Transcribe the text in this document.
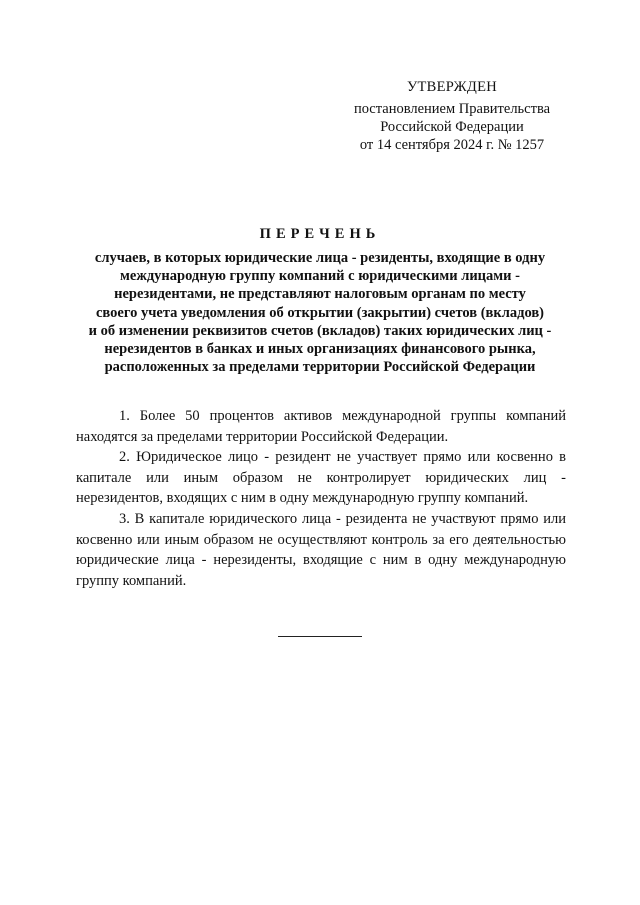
УТВЕРЖДЕН
постановлением Правительства
Российской Федерации
от 14 сентября 2024 г. № 1257
ПЕРЕЧЕНЬ
случаев, в которых юридические лица - резиденты, входящие в одну
международную группу компаний с юридическими лицами -
нерезидентами, не представляют налоговым органам по месту
своего учета уведомления об открытии (закрытии) счетов (вкладов)
и об изменении реквизитов счетов (вкладов) таких юридических лиц -
нерезидентов в банках и иных организациях финансового рынка,
расположенных за пределами территории Российской Федерации

1. Более 50 процентов активов международной группы компаний находятся за пределами территории Российской Федерации.

2. Юридическое лицо - резидент не участвует прямо или косвенно в капитале или иным образом не контролирует юридических лиц - нерезидентов, входящих с ним в одну международную группу компаний.

3. В капитале юридического лица - резидента не участвуют прямо или косвенно или иным образом не осуществляют контроль за его деятельностью юридические лица - нерезиденты, входящие с ним в одну международную группу компаний.
